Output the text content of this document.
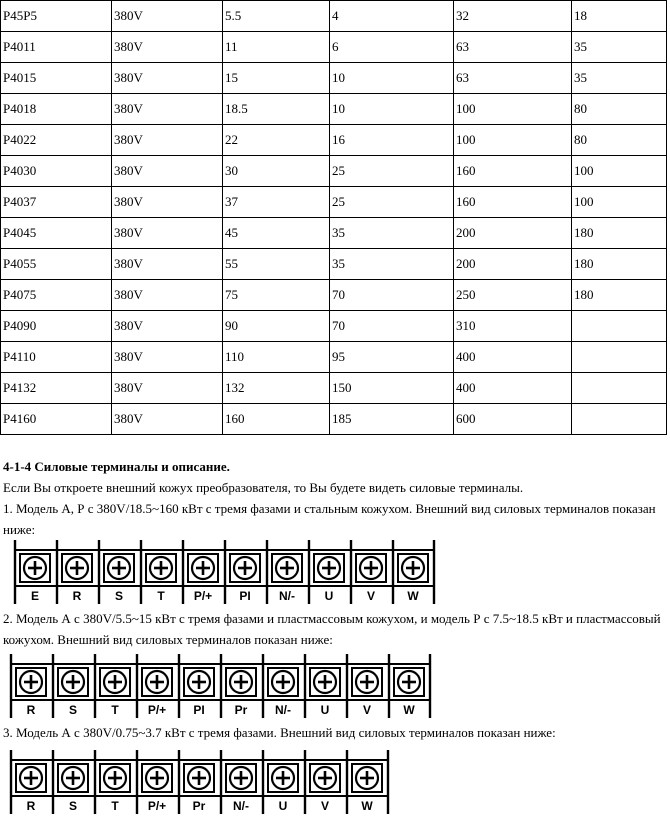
P45P5	380V	5.5	4	32	18
P4011	380V	11	6	63	35
P4015	380V	15	10	63	35
P4018	380V	18.5	10	100	80
P4022	380V	22	16	100	80
P4030	380V	30	25	160	100
P4037	380V	37	25	160	100
P4045	380V	45	35	200	180
P4055	380V	55	35	200	180
P4075	380V	75	70	250	180
P4090	380V	90	70	310	
P4110	380V	110	95	400	
P4132	380V	132	150	400	
P4160	380V	160	185	600	
4-1-4 Силовые терминалы и описание.
Если Вы откроете внешний кожух преобразователя, то Вы будете видеть силовые терминалы.
1. Модель А, Р с 380V/18.5~160 кВт с тремя фазами и стальным кожухом. Внешний вид силовых терминалов показан ниже:
E	R	S	T P/+ PI N/- U	V	W
2. Модель А с 380V/5.5~15 кВт с тремя фазами и пластмассовым кожухом, и модель Р с 7.5~18.5 кВт и пластмассовый кожухом. Внешний вид силовых терминалов показан ниже:
R	S	T P/+ PI Pr N/- U	V	W
3. Модель А с 380V/0.75~3.7 кВт с тремя фазами. Внешний вид силовых терминалов показан ниже:
R	S	T P/+ Pr N/- U	V	W
